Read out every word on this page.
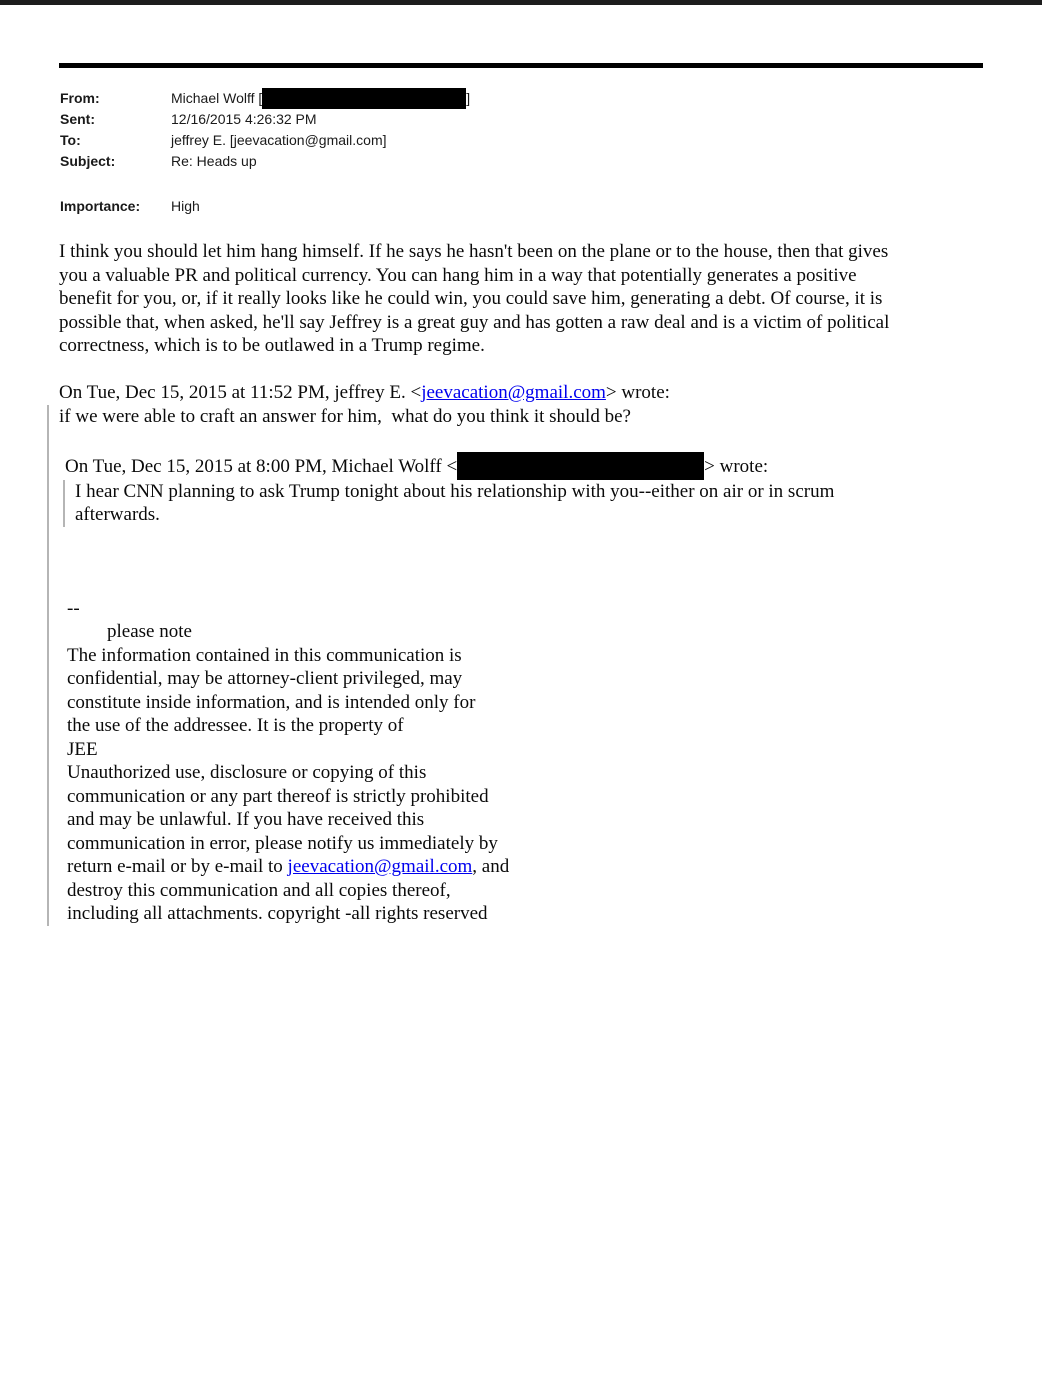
From:	Michael Wolff [	]
Sent:	12/16/2015 4:26:32 PM
To:	jeffrey E. [jeevacation@gmail.com]
Subject:	Re: Heads up
Importance:	High
I think you should let him hang himself. If he says he hasn't been on the plane or to the house, then that gives
you a valuable PR and political currency. You can hang him in a way that potentially generates a positive
benefit for you, or, if it really looks like he could win, you could save him, generating a debt. Of course, it is
possible that, when asked, he'll say Jeffrey is a great guy and has gotten a raw deal and is a victim of political
correctness, which is to be outlawed in a Trump regime.
On Tue, Dec 15, 2015 at 11:52 PM, jeffrey E. <jeevacation@gmail.com> wrote:
if we were able to craft an answer for him,  what do you think it should be?
On Tue, Dec 15, 2015 at 8:00 PM, Michael Wolff <	> wrote:
I hear CNN planning to ask Trump tonight about his relationship with you--either on air or in scrum
afterwards.
--
please note
The information contained in this communication is
confidential, may be attorney-client privileged, may
constitute inside information, and is intended only for
the use of the addressee. It is the property of
JEE
Unauthorized use, disclosure or copying of this
communication or any part thereof is strictly prohibited
and may be unlawful. If you have received this
communication in error, please notify us immediately by
return e-mail or by e-mail to jeevacation@gmail.com, and
destroy this communication and all copies thereof,
including all attachments. copyright -all rights reserved
